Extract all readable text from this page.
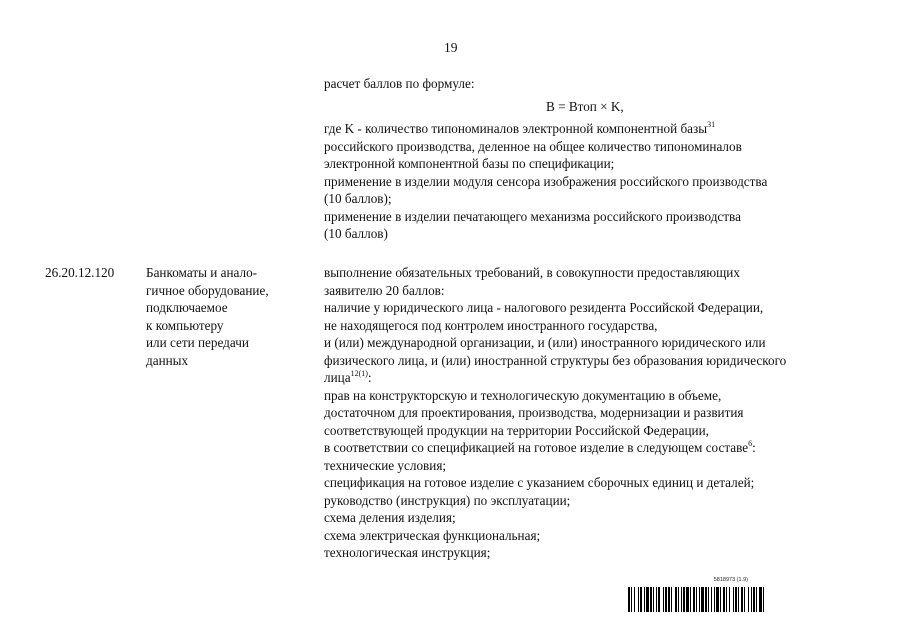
19
расчет баллов по формуле:
B = Bтоп × K,
где K - количество типономиналов электронной компонентной базы$^{31}$
российского производства, деленное на общее количество типономиналов
электронной компонентной базы по спецификации;
применение в изделии модуля сенсора изображения российского производства
(10 баллов);
применение в изделии печатающего механизма российского производства
(10 баллов)
26.20.12.120 Банкоматы и анало-
гичное оборудование,
подключаемое
к компьютеру
или сети передачи
данных
выполнение обязательных требований, в совокупности предоставляющих
заявителю 20 баллов:
наличие у юридического лица - налогового резидента Российской Федерации,
не находящегося под контролем иностранного государства,
и (или) международной организации, и (или) иностранного юридического или
физического лица, и (или) иностранной структуры без образования юридического
лица$^{12(1)}$:
прав на конструкторскую и технологическую документацию в объеме,
достаточном для проектирования, производства, модернизации и развития
соответствующей продукции на территории Российской Федерации,
в соответствии со спецификацией на готовое изделие в следующем составе$^6$:
технические условия;
спецификация на готовое изделие с указанием сборочных единиц и деталей;
руководство (инструкция) по эксплуатации;
схема деления изделия;
схема электрическая функциональная;
технологическая инструкция;
5818973 (1.9)
